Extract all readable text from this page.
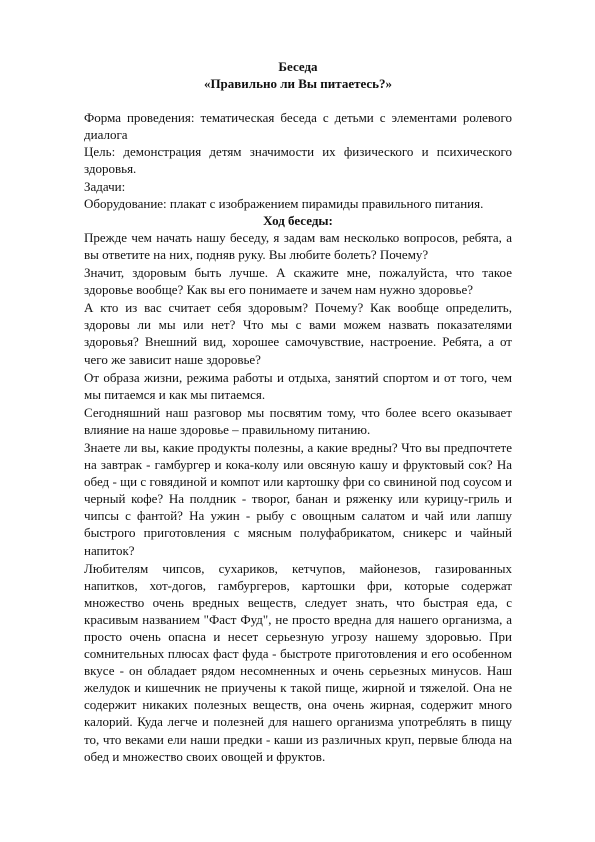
Беседа

«Правильно ли Вы питаетесь?»

Форма проведения: тематическая беседа с детьми с элементами ролевого диалога

Цель: демонстрация детям значимости их физического и психического здоровья.

Задачи:

Оборудование: плакат с изображением пирамиды правильного питания.

Ход беседы:

Прежде чем начать нашу беседу, я задам вам несколько вопросов, ребята, а вы ответите на них, подняв руку. Вы любите болеть? Почему?

Значит, здоровым быть лучше. А скажите мне, пожалуйста, что такое здоровье вообще? Как вы его понимаете и зачем нам нужно здоровье?

А кто из вас считает себя здоровым? Почему? Как вообще определить, здоровы ли мы или нет? Что мы с вами можем назвать показателями здоровья? Внешний вид, хорошее самочувствие, настроение. Ребята, а от чего же зависит наше здоровье?

От образа жизни, режима работы и отдыха, занятий спортом и от того, чем мы питаемся и как мы питаемся.

Сегодняшний наш разговор мы посвятим тому, что более всего оказывает влияние на наше здоровье – правильному питанию.

Знаете ли вы, какие продукты полезны, а какие вредны? Что вы предпочтете на завтрак - гамбургер и кока-колу или овсяную кашу и фруктовый сок? На обед - щи с говядиной и компот или картошку фри со свининой под соусом и черный кофе? На полдник - творог, банан и ряженку или курицу-гриль и чипсы с фантой? На ужин - рыбу с овощным салатом и чай или лапшу быстрого приготовления с мясным полуфабрикатом, сникерс и чайный напиток?

Любителям чипсов, сухариков, кетчупов, майонезов, газированных напитков, хот-догов, гамбургеров, картошки фри, которые содержат множество очень вредных веществ, следует знать, что быстрая еда, с красивым названием "Фаст Фуд", не просто вредна для нашего организма, а просто очень опасна и несет серьезную угрозу нашему здоровью. При сомнительных плюсах фаст фуда - быстроте приготовления и его особенном вкусе - он обладает рядом несомненных и очень серьезных минусов. Наш желудок и кишечник не приучены к такой пище, жирной и тяжелой. Она не содержит никаких полезных веществ, она очень жирная, содержит много калорий. Куда легче и полезней для нашего организма употреблять в пищу то, что веками ели наши предки - каши из различных круп, первые блюда на обед и множество своих овощей и фруктов.
